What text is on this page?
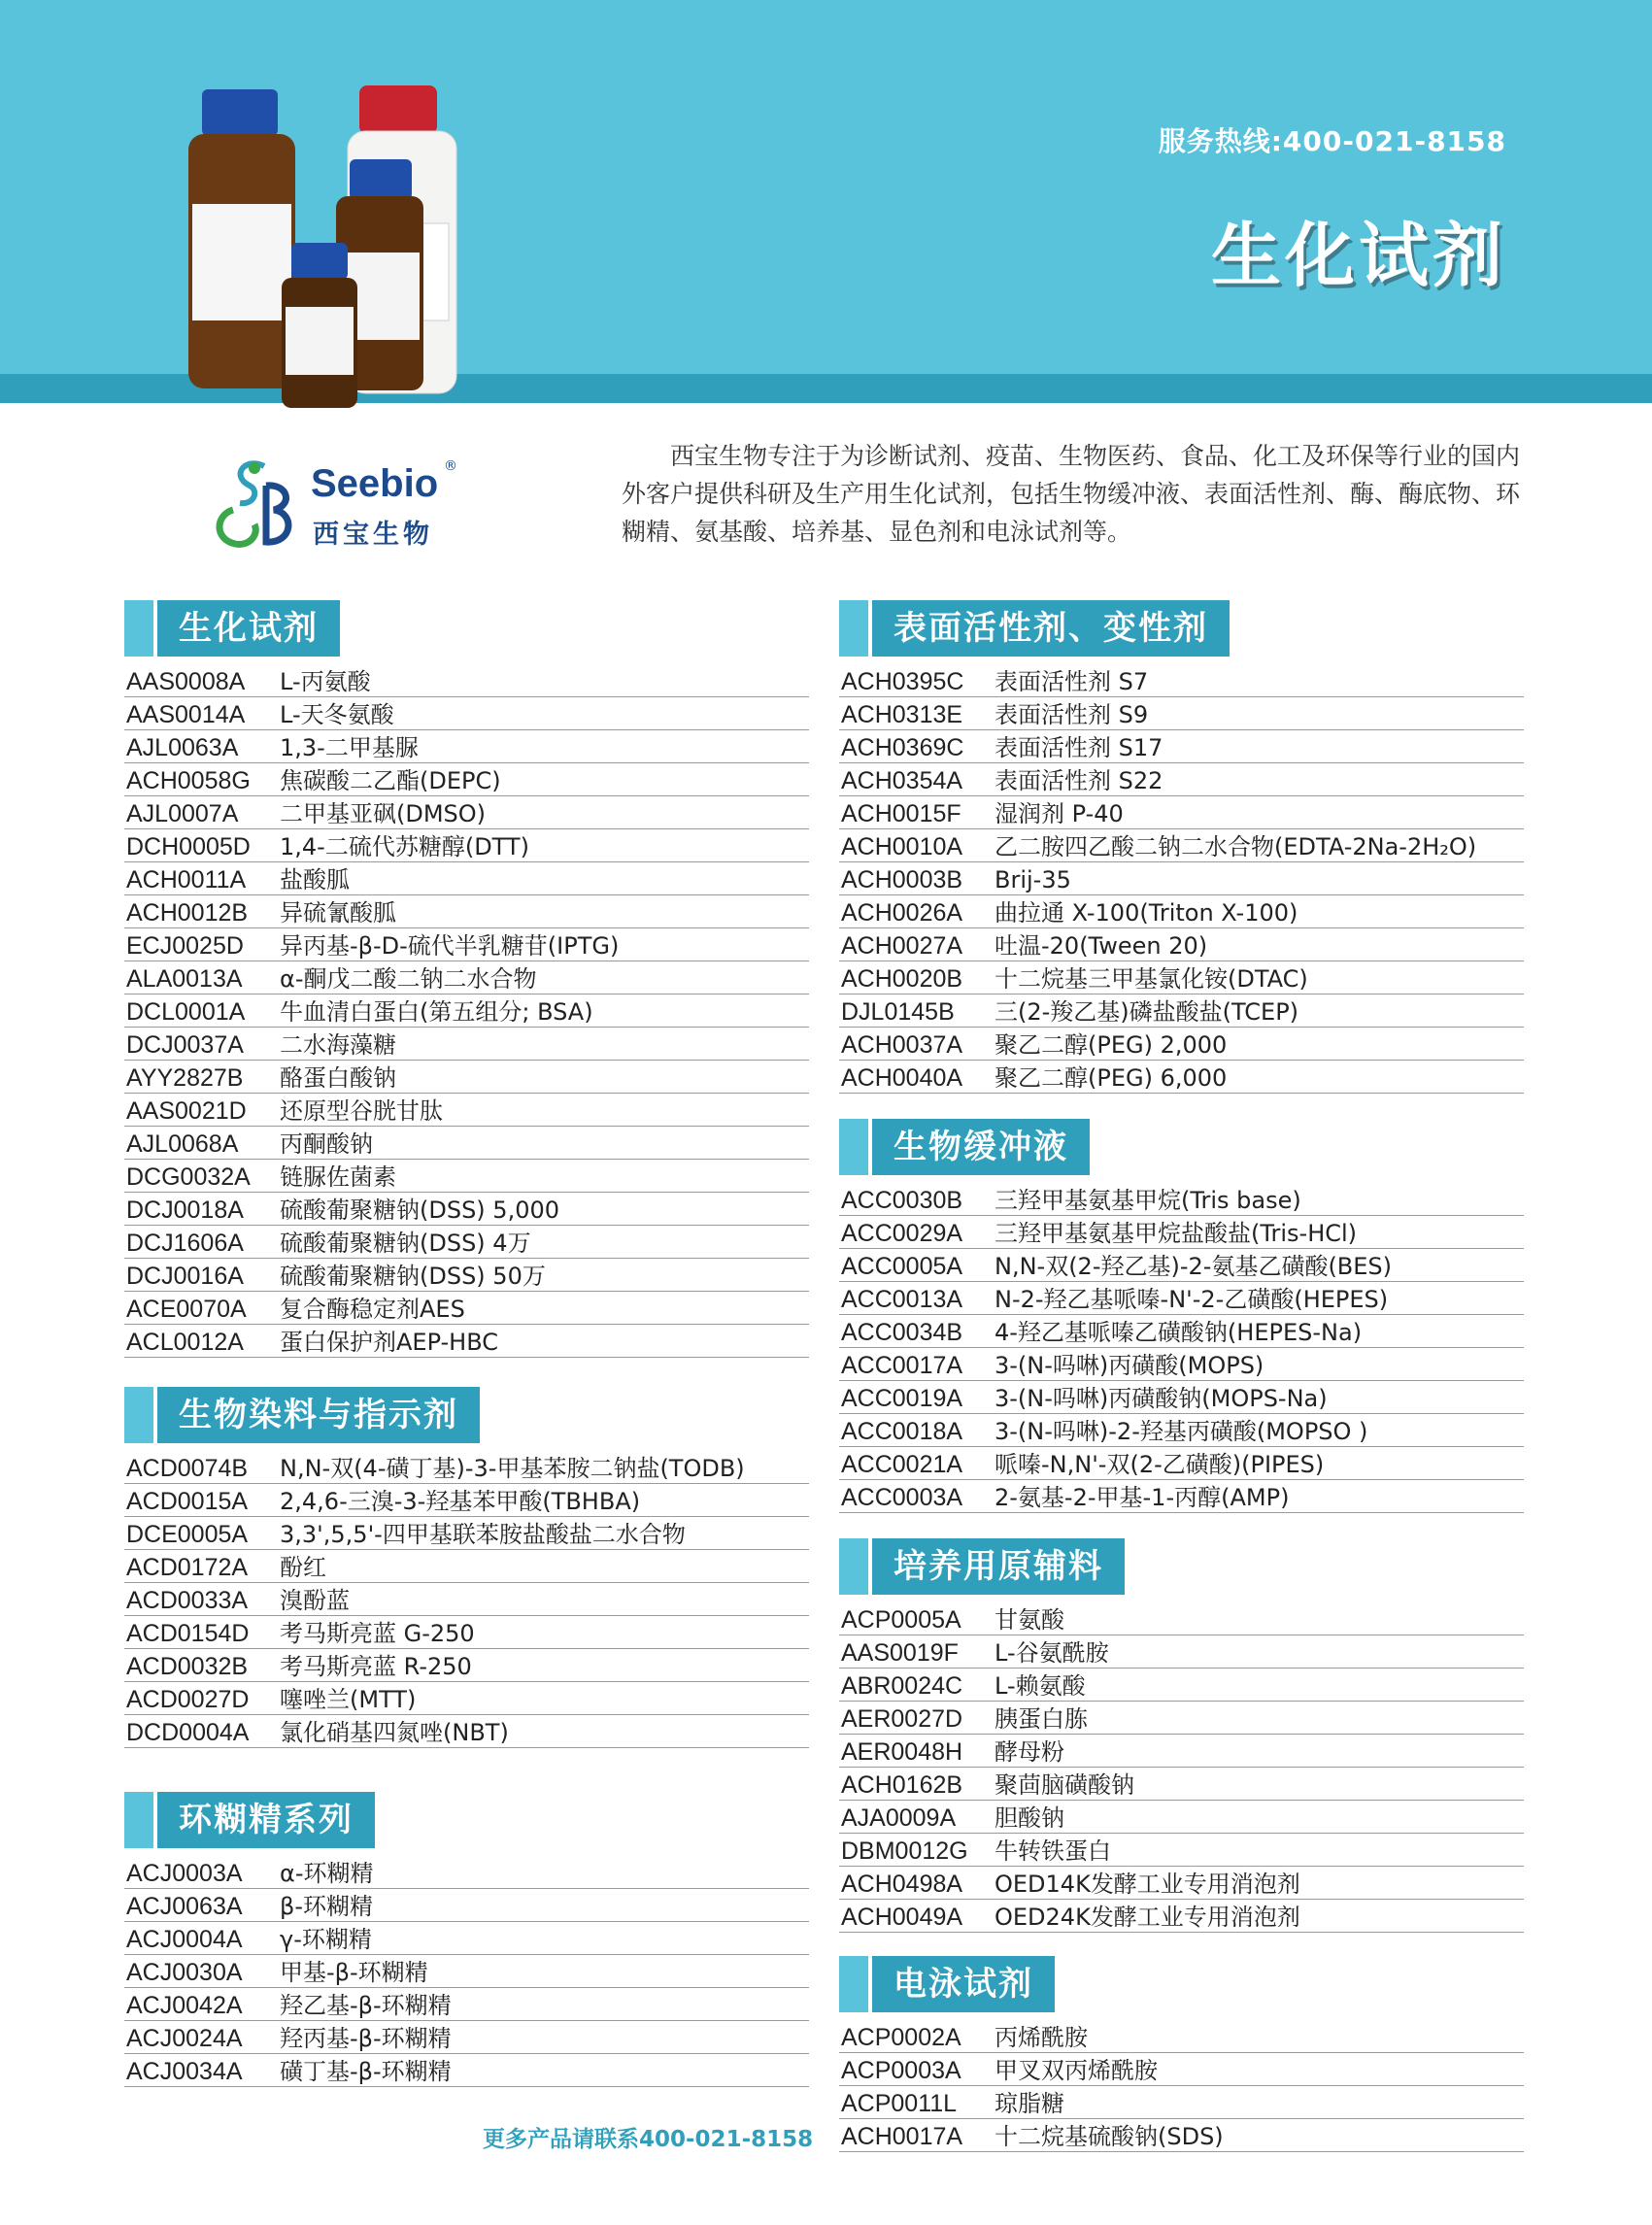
服务热线:400-021-8158
生化试剂
Seebio ®
西宝生物
西宝生物专注于为诊断试剂、疫苗、生物医药、食品、化工及环保等行业的国内外客户提供科研及生产用生化试剂，包括生物缓冲液、表面活性剂、酶、酶底物、环糊精、氨基酸、培养基、显色剂和电泳试剂等。
生化试剂
AAS0008A	L-丙氨酸
AAS0014A	L-天冬氨酸
AJL0063A	1,3-二甲基脲
ACH0058G	焦碳酸二乙酯(DEPC)
AJL0007A	二甲基亚砜(DMSO)
DCH0005D	1,4-二硫代苏糖醇(DTT)
ACH0011A	盐酸胍
ACH0012B	异硫氰酸胍
ECJ0025D	异丙基-β-D-硫代半乳糖苷(IPTG)
ALA0013A	α-酮戊二酸二钠二水合物
DCL0001A	牛血清白蛋白(第五组分; BSA)
DCJ0037A	二水海藻糖
AYY2827B	酪蛋白酸钠
AAS0021D	还原型谷胱甘肽
AJL0068A	丙酮酸钠
DCG0032A	链脲佐菌素
DCJ0018A	硫酸葡聚糖钠(DSS) 5,000
DCJ1606A	硫酸葡聚糖钠(DSS) 4万
DCJ0016A	硫酸葡聚糖钠(DSS) 50万
ACE0070A	复合酶稳定剂AES
ACL0012A	蛋白保护剂AEP-HBC
生物染料与指示剂
ACD0074B	N,N-双(4-磺丁基)-3-甲基苯胺二钠盐(TODB)
ACD0015A	2,4,6-三溴-3-羟基苯甲酸(TBHBA)
DCE0005A	3,3',5,5'-四甲基联苯胺盐酸盐二水合物
ACD0172A	酚红
ACD0033A	溴酚蓝
ACD0154D	考马斯亮蓝 G-250
ACD0032B	考马斯亮蓝 R-250
ACD0027D	噻唑兰(MTT)
DCD0004A	氯化硝基四氮唑(NBT)
环糊精系列
ACJ0003A	α-环糊精
ACJ0063A	β-环糊精
ACJ0004A	γ-环糊精
ACJ0030A	甲基-β-环糊精
ACJ0042A	羟乙基-β-环糊精
ACJ0024A	羟丙基-β-环糊精
ACJ0034A	磺丁基-β-环糊精
表面活性剂、变性剂
ACH0395C	表面活性剂 S7
ACH0313E	表面活性剂 S9
ACH0369C	表面活性剂 S17
ACH0354A	表面活性剂 S22
ACH0015F	湿润剂 P-40
ACH0010A	乙二胺四乙酸二钠二水合物(EDTA-2Na-2H₂O)
ACH0003B	Brij-35
ACH0026A	曲拉通 X-100(Triton X-100)
ACH0027A	吐温-20(Tween 20)
ACH0020B	十二烷基三甲基氯化铵(DTAC)
DJL0145B	三(2-羧乙基)磷盐酸盐(TCEP)
ACH0037A	聚乙二醇(PEG) 2,000
ACH0040A	聚乙二醇(PEG) 6,000
生物缓冲液
ACC0030B	三羟甲基氨基甲烷(Tris base)
ACC0029A	三羟甲基氨基甲烷盐酸盐(Tris-HCl)
ACC0005A	N,N-双(2-羟乙基)-2-氨基乙磺酸(BES)
ACC0013A	N-2-羟乙基哌嗪-N'-2-乙磺酸(HEPES)
ACC0034B	4-羟乙基哌嗪乙磺酸钠(HEPES-Na)
ACC0017A	3-(N-吗啉)丙磺酸(MOPS)
ACC0019A	3-(N-吗啉)丙磺酸钠(MOPS-Na)
ACC0018A	3-(N-吗啉)-2-羟基丙磺酸(MOPSO )
ACC0021A	哌嗪-N,N'-双(2-乙磺酸)(PIPES)
ACC0003A	2-氨基-2-甲基-1-丙醇(AMP)
培养用原辅料
ACP0005A	甘氨酸
AAS0019F	L-谷氨酰胺
ABR0024C	L-赖氨酸
AER0027D	胰蛋白胨
AER0048H	酵母粉
ACH0162B	聚茴脑磺酸钠
AJA0009A	胆酸钠
DBM0012G	牛转铁蛋白
ACH0498A	OED14K发酵工业专用消泡剂
ACH0049A	OED24K发酵工业专用消泡剂
电泳试剂
ACP0002A	丙烯酰胺
ACP0003A	甲叉双丙烯酰胺
ACP0011L	琼脂糖
ACH0017A	十二烷基硫酸钠(SDS)
更多产品请联系400-021-8158
